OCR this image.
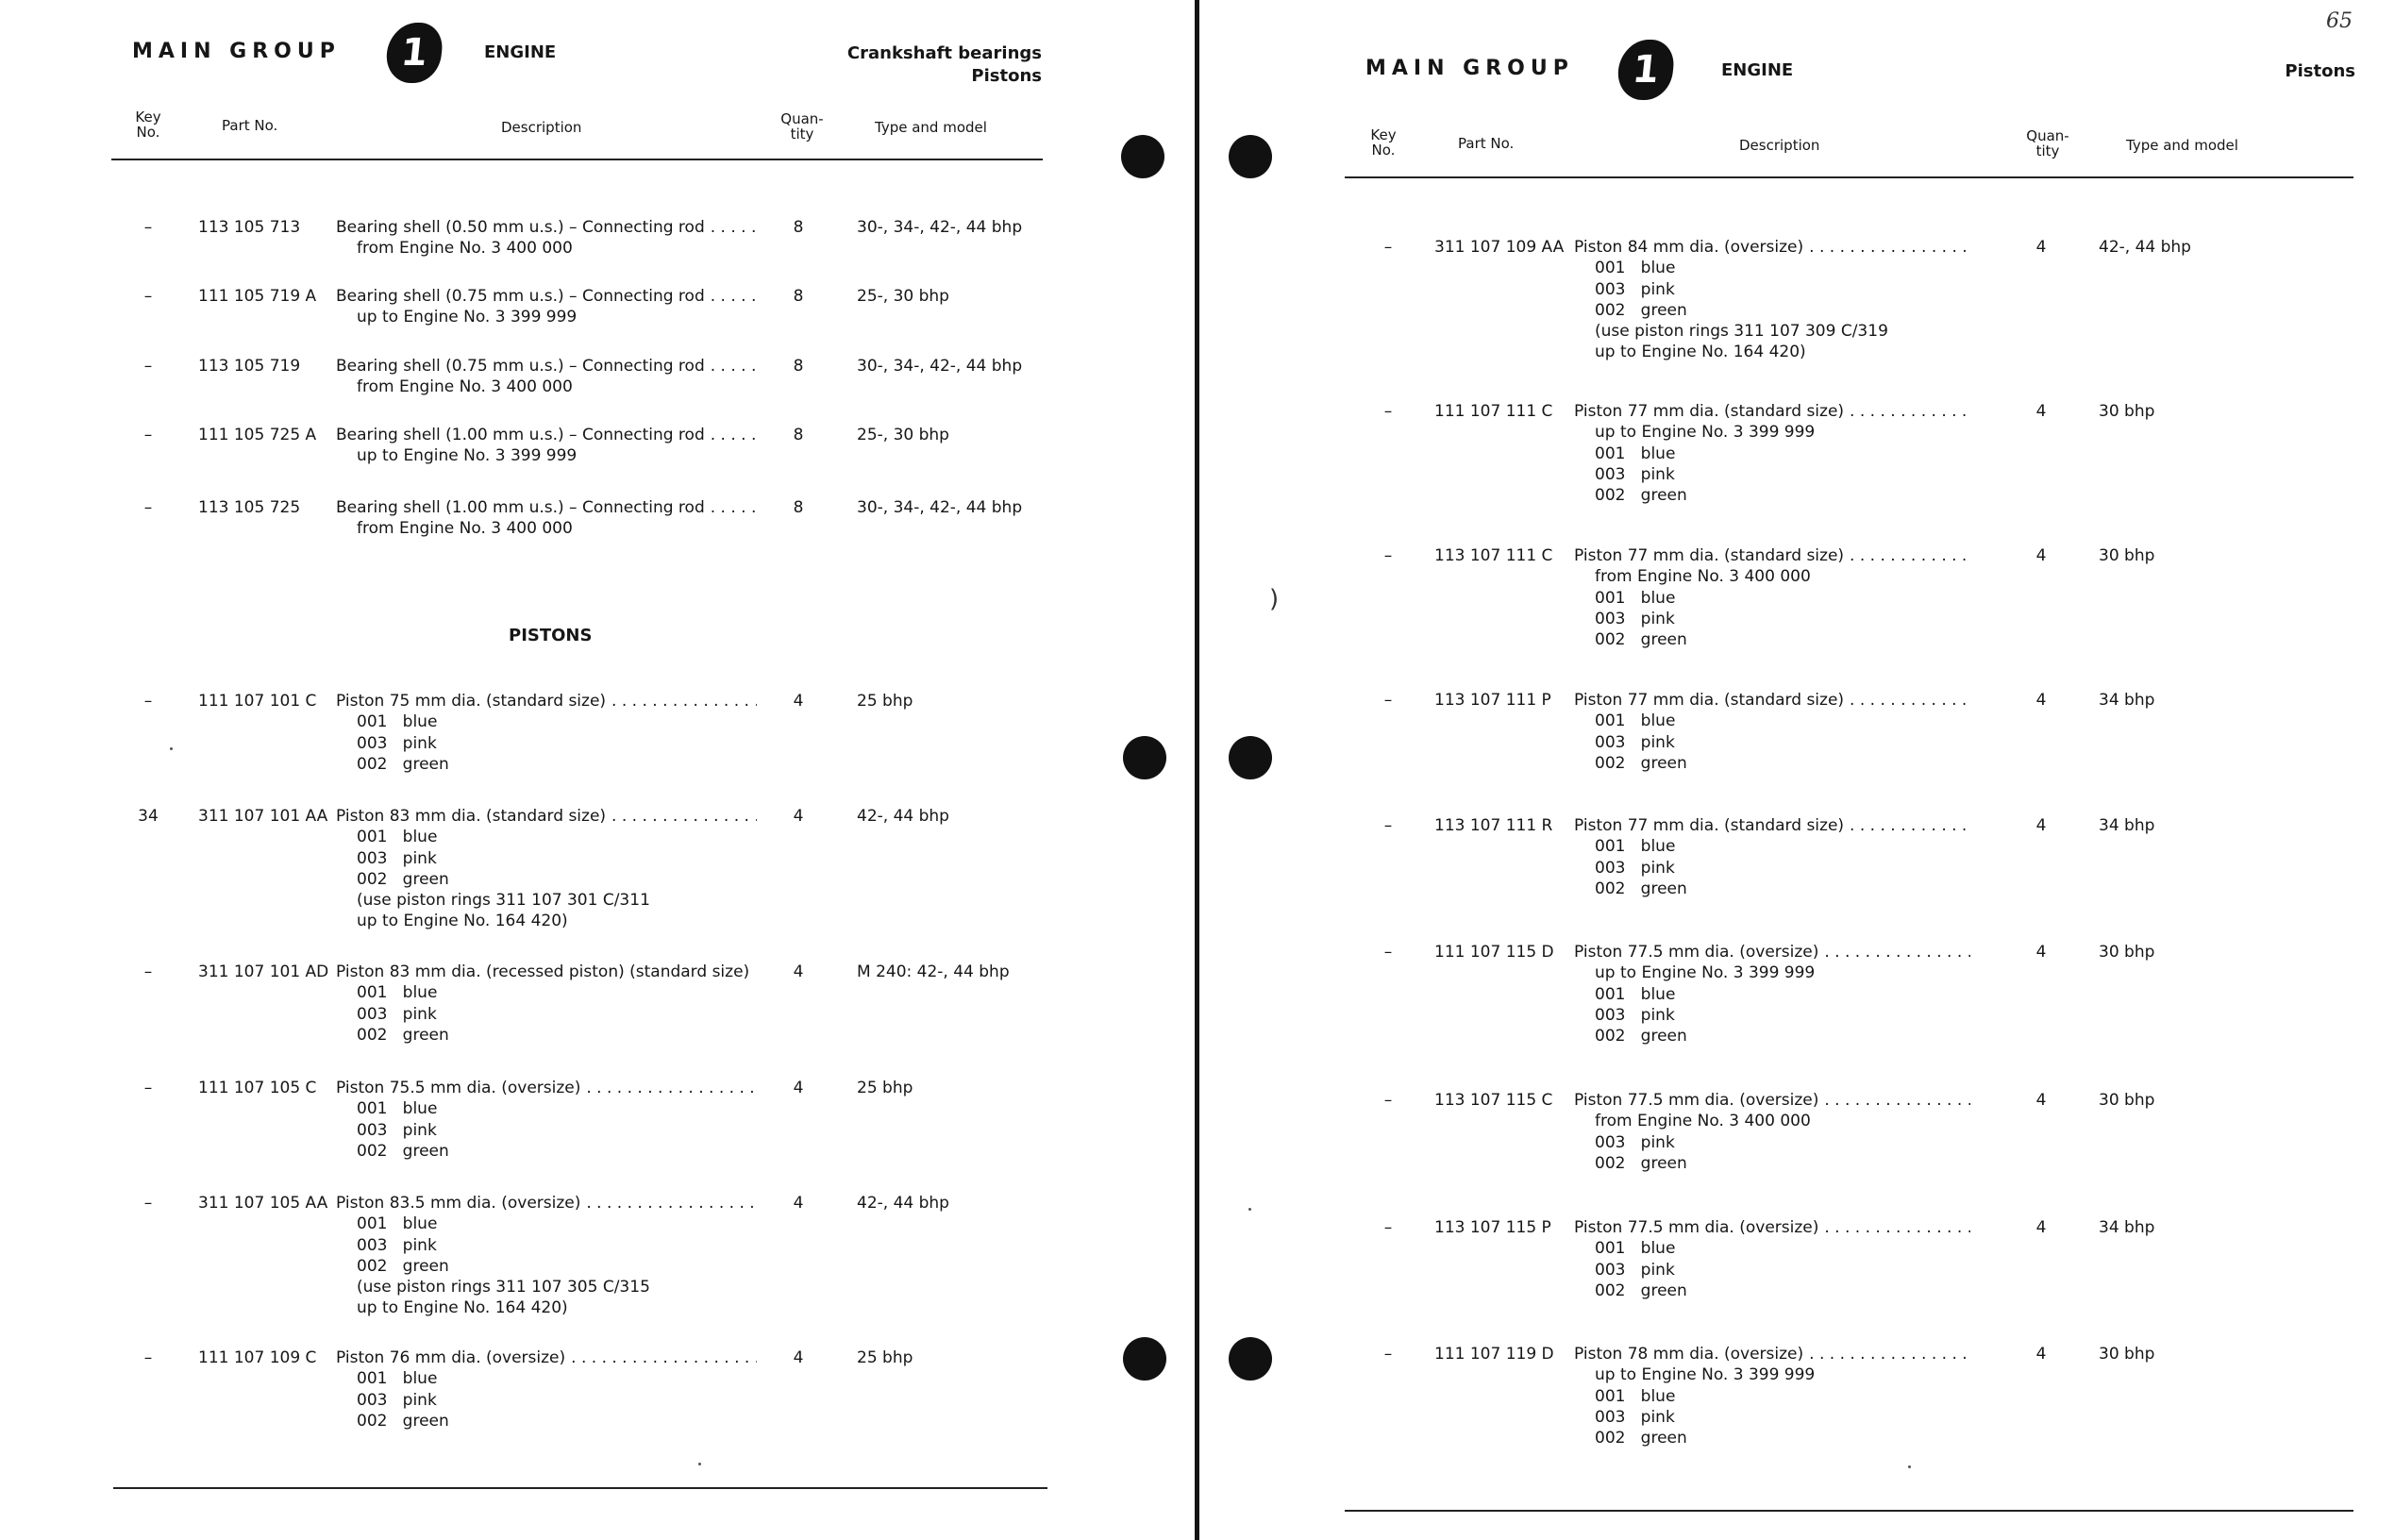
MAIN GROUP	1	ENGINE	Crankshaft bearings
Pistons
Key
No.	Part No.	Description	Quan-
tity	Type and model
PISTONS
–	113 105 713 Bearing shell (0.50 mm u.s.) – Connecting rod
. . .
from Engine No. 3 400 000
8	30-, 34-, 42-, 44 bhp
–	111 105 719 A Bearing shell (0.75 mm u.s.) – Connecting rod
. . .
up to Engine No. 3 399 999
8	25-, 30 bhp
–	113 105 719 Bearing shell (0.75 mm u.s.) – Connecting rod
. . .
from Engine No. 3 400 000
8	30-, 34-, 42-, 44 bhp
–	111 105 725 A Bearing shell (1.00 mm u.s.) – Connecting rod
. . .
up to Engine No. 3 399 999
8	25-, 30 bhp
–	113 105 725 Bearing shell (1.00 mm u.s.) – Connecting rod
. . .
from Engine No. 3 400 000
8	30-, 34-, 42-, 44 bhp
–	111 107 101 C Piston 75 mm dia. (standard size)
. . .
001   blue
003   pink
002   green
4	25 bhp
34 311 107 101 AA Piston 83 mm dia. (standard size)
. . .
001   blue
003   pink
002   green
(use piston rings 311 107 301 C/311
up to Engine No. 164 420)
4	42-, 44 bhp
–	311 107 101 AD Piston 83 mm dia. (recessed piston) (standard size)
001   blue
003   pink
002   green
4	M 240: 42-, 44 bhp
–	111 107 105 C Piston 75.5 mm dia. (oversize)
. . .
001   blue
003   pink
002   green
4	25 bhp
–	311 107 105 AA Piston 83.5 mm dia. (oversize)
. . .
001   blue
003   pink
002   green
(use piston rings 311 107 305 C/315
up to Engine No. 164 420)
4	42-, 44 bhp
–	111 107 109 C Piston 76 mm dia. (oversize)
. . .
001   blue
003   pink
002   green
4	25 bhp
65
MAIN GROUP	1	ENGINE	Pistons
Key
No.	Part No.	Description
Quan-
tity	Type and model
–	311 107 109 AA Piston 84 mm dia. (oversize)
. . .
001   blue
003   pink
002   green
(use piston rings 311 107 309 C/319
up to Engine No. 164 420)
4	42-, 44 bhp
–	111 107 111 C Piston 77 mm dia. (standard size)
. . .
up to Engine No. 3 399 999
001   blue
003   pink
002   green
4	30 bhp
–	113 107 111 C Piston 77 mm dia. (standard size)
. . .
from Engine No. 3 400 000
001   blue
003   pink
002   green
4	30 bhp
–	113 107 111 P Piston 77 mm dia. (standard size)
. . .
001   blue
003   pink
002   green
4	34 bhp
–	113 107 111 R Piston 77 mm dia. (standard size)
. . .
001   blue
003   pink
002   green
4	34 bhp
–	111 107 115 D Piston 77.5 mm dia. (oversize)
. . .
up to Engine No. 3 399 999
001   blue
003   pink
002   green
4	30 bhp
–	113 107 115 C Piston 77.5 mm dia. (oversize)
. . .
from Engine No. 3 400 000
003   pink
002   green
4	30 bhp
–	113 107 115 P Piston 77.5 mm dia. (oversize)
. . .
001   blue
003   pink
002   green
4	34 bhp
–	111 107 119 D Piston 78 mm dia. (oversize)
. . .
up to Engine No. 3 399 999
001   blue
003   pink
002   green
4	30 bhp
)
